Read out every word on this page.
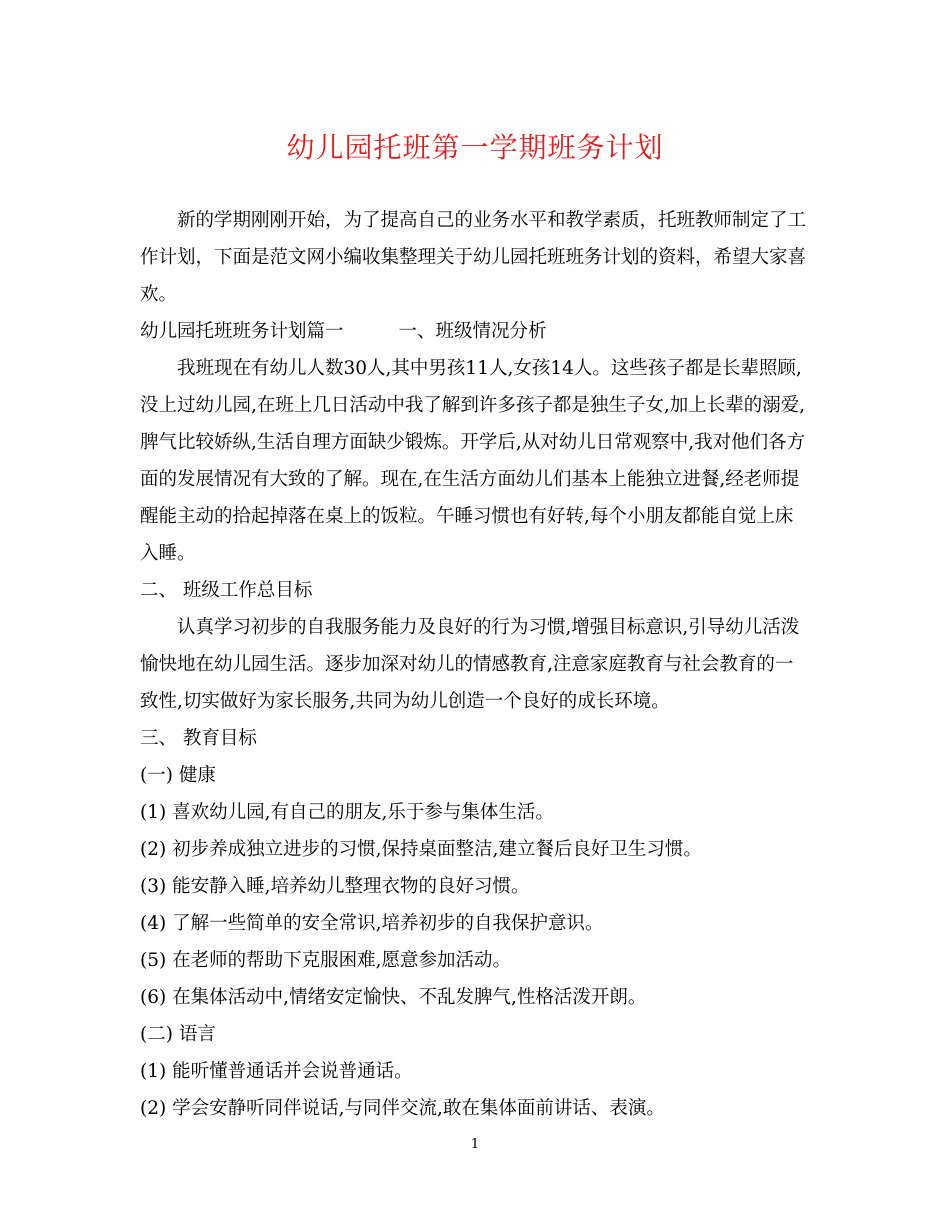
幼儿园托班第一学期班务计划

新的学期刚刚开始，为了提高自己的业务水平和教学素质，托班教师制定了工作计划，下面是范文网小编收集整理关于幼儿园托班班务计划的资料，希望大家喜欢。

幼儿园托班班务计划篇一	一、班级情况分析

我班现在有幼儿人数30人,其中男孩11人,女孩14人。这些孩子都是长辈照顾,没上过幼儿园,在班上几日活动中我了解到许多孩子都是独生子女,加上长辈的溺爱,脾气比较娇纵,生活自理方面缺少锻炼。开学后,从对幼儿日常观察中,我对他们各方面的发展情况有大致的了解。现在,在生活方面幼儿们基本上能独立进餐,经老师提醒能主动的拾起掉落在桌上的饭粒。午睡习惯也有好转,每个小朋友都能自觉上床入睡。

二、 班级工作总目标

认真学习初步的自我服务能力及良好的行为习惯,增强目标意识,引导幼儿活泼愉快地在幼儿园生活。逐步加深对幼儿的情感教育,注意家庭教育与社会教育的一致性,切实做好为家长服务,共同为幼儿创造一个良好的成长环境。

三、 教育目标

(一) 健康

(1) 喜欢幼儿园,有自己的朋友,乐于参与集体生活。

(2) 初步养成独立进步的习惯,保持桌面整洁,建立餐后良好卫生习惯。

(3) 能安静入睡,培养幼儿整理衣物的良好习惯。

(4) 了解一些简单的安全常识,培养初步的自我保护意识。

(5) 在老师的帮助下克服困难,愿意参加活动。

(6) 在集体活动中,情绪安定愉快、不乱发脾气,性格活泼开朗。

(二) 语言

(1) 能听懂普通话并会说普通话。

(2) 学会安静听同伴说话,与同伴交流,敢在集体面前讲话、表演。

1
